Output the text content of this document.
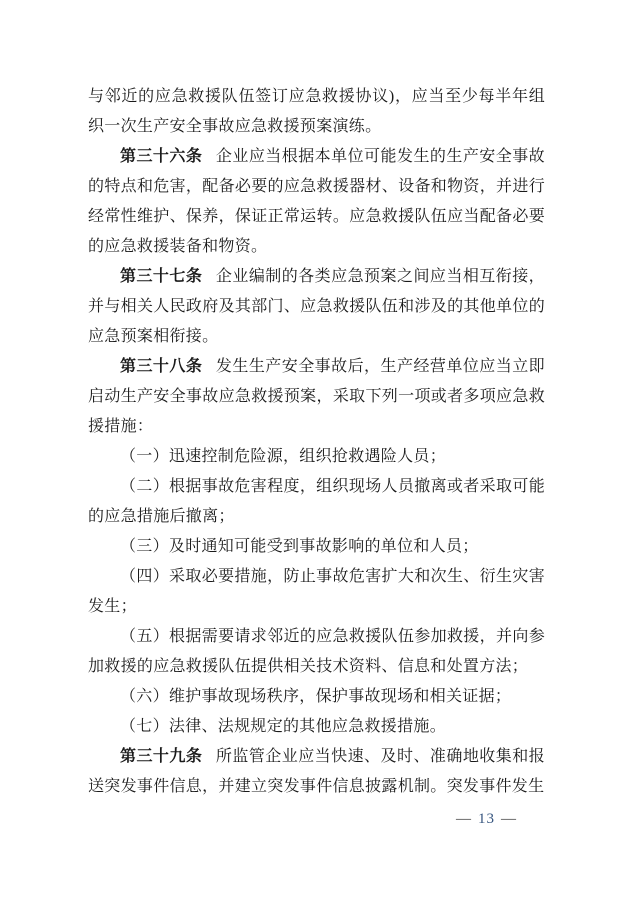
与邻近的应急救援队伍签订应急救援协议)，应当至少每半年组织一次生产安全事故应急救援预案演练。

第三十六条 企业应当根据本单位可能发生的生产安全事故的特点和危害，配备必要的应急救援器材、设备和物资，并进行经常性维护、保养，保证正常运转。应急救援队伍应当配备必要的应急救援装备和物资。

第三十七条 企业编制的各类应急预案之间应当相互衔接，并与相关人民政府及其部门、应急救援队伍和涉及的其他单位的应急预案相衔接。

第三十八条 发生生产安全事故后，生产经营单位应当立即启动生产安全事故应急救援预案，采取下列一项或者多项应急救援措施：

（一）迅速控制危险源，组织抢救遇险人员；

（二）根据事故危害程度，组织现场人员撤离或者采取可能的应急措施后撤离；

（三）及时通知可能受到事故影响的单位和人员；

（四）采取必要措施，防止事故危害扩大和次生、衍生灾害发生；

（五）根据需要请求邻近的应急救援队伍参加救援，并向参加救援的应急救援队伍提供相关技术资料、信息和处置方法；

（六）维护事故现场秩序，保护事故现场和相关证据；

（七）法律、法规规定的其他应急救援措施。

第三十九条 所监管企业应当快速、及时、准确地收集和报送突发事件信息，并建立突发事件信息披露机制。突发事件发生

— 13 —
